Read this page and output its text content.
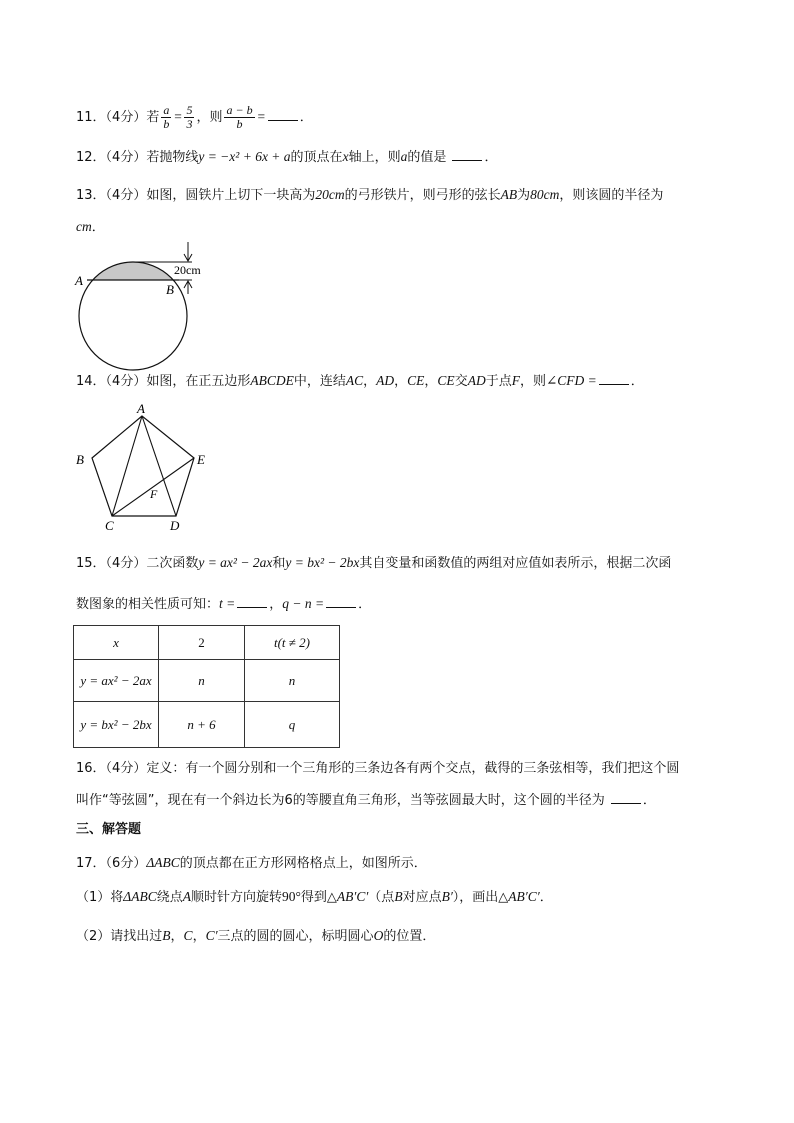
11．（4分）若 $\frac{a}{b} = \frac{5}{3}$ ，则 $\frac{a - b}{b}$ =	．
12．（4分）若抛物线y = −x² + 6x + a的顶点在x轴上，则a的值是	．
13．（4分）如图，圆铁片上切下一块高为20cm的弓形铁片，则弓形的弦长AB为80cm，则该圆的半径为
cm．
A
B
20cm
14．（4分）如图，在正五边形ABCDE中，连结AC，AD，CE，CE交AD于点F，则∠CFD =	．
A
B
C	D
E
F
15．（4分）二次函数y = ax² − 2ax和y = bx² − 2bx其自变量和函数值的两组对应值如表所示，根据二次函
数图象的相关性质可知：t =	，q − n =	．
x	2	t(t ≠ 2)
y = ax² − 2ax	n	n
y = bx² − 2bx	n + 6	q
16．（4分）定义：有一个圆分别和一个三角形的三条边各有两个交点，截得的三条弦相等，我们把这个圆
叫作“等弦圆”，现在有一个斜边长为6的等腰直角三角形，当等弦圆最大时，这个圆的半径为	．
三、解答题
17．（6分）ΔABC的顶点都在正方形网格格点上，如图所示．
（1）将ΔABC绕点A顺时针方向旋转90°得到△AB′C′（点B对应点B′），画出△AB′C′．
（2）请找出过B，C，C′三点的圆的圆心，标明圆心O的位置．
